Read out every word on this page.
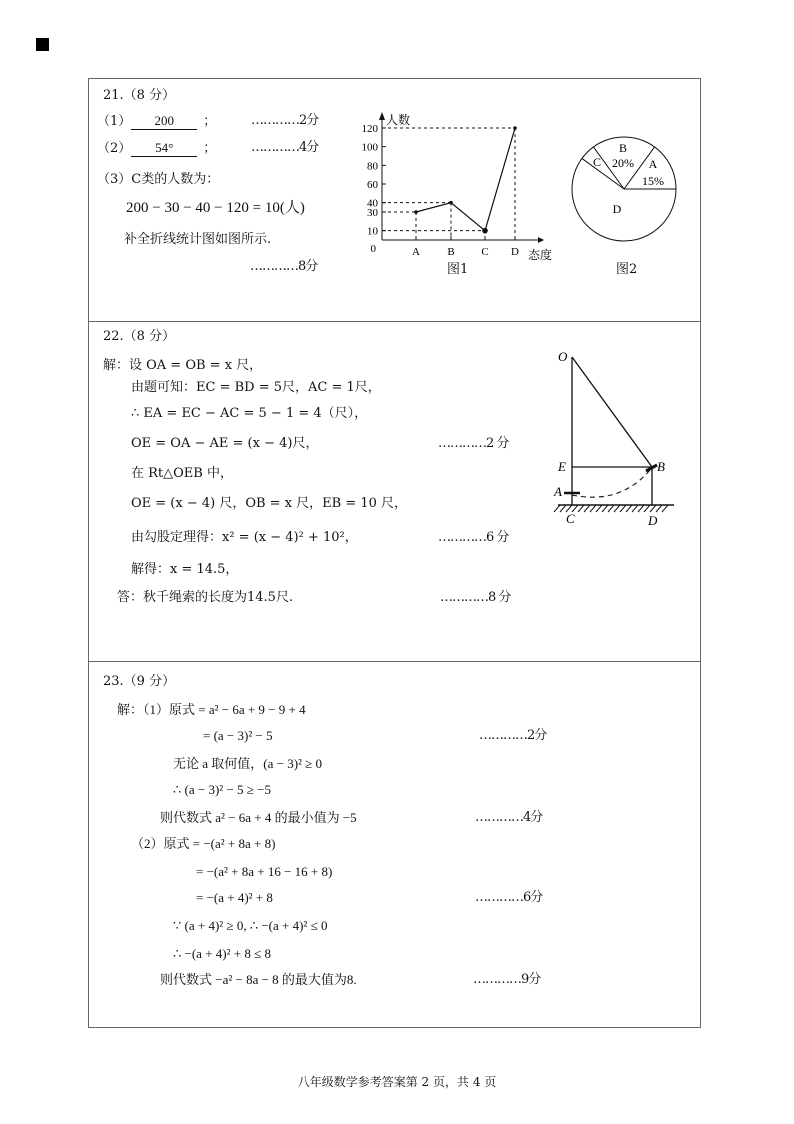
21.（8 分）
（1） 200 ；	…………2分
（2） 54° ；	…………4分
（3）C类的人数为：
200 − 30 − 40 − 120 = 10(人)
补全折线统计图如图所示.
…………8分
0
10
30
40
60
80
100
120
A B C D
人数
态度
图1
A
15%
B
20%
C
D
图2
22.（8 分）
解：设 OA = OB = x 尺，
由题可知：EC = BD = 5尺，AC = 1尺，
∴ EA = EC − AC = 5 − 1 = 4（尺），
OE = OA − AE = (x − 4)尺，	…………2 分
在 Rt△OEB 中，
OE = (x − 4) 尺，OB = x 尺，EB = 10 尺，
由勾股定理得：x² = (x − 4)² + 10²，	…………6 分
解得：x = 14.5，
答：秋千绳索的长度为14.5尺.	…………8 分
O
E	B
A
C	D
23.（9 分）
解：（1）原式 = a² − 6a + 9 − 9 + 4
= (a − 3)² − 5	…………2分
无论 a 取何值，(a − 3)² ≥ 0
∴ (a − 3)² − 5 ≥ −5
则代数式 a² − 6a + 4 的最小值为 −5	…………4分
（2）原式 = −(a² + 8a + 8)
= −(a² + 8a + 16 − 16 + 8)
= −(a + 4)² + 8	…………6分
∵ (a + 4)² ≥ 0, ∴ −(a + 4)² ≤ 0
∴ −(a + 4)² + 8 ≤ 8
则代数式 −a² − 8a − 8 的最大值为8.	…………9分
八年级数学参考答案第 2 页，共 4 页
